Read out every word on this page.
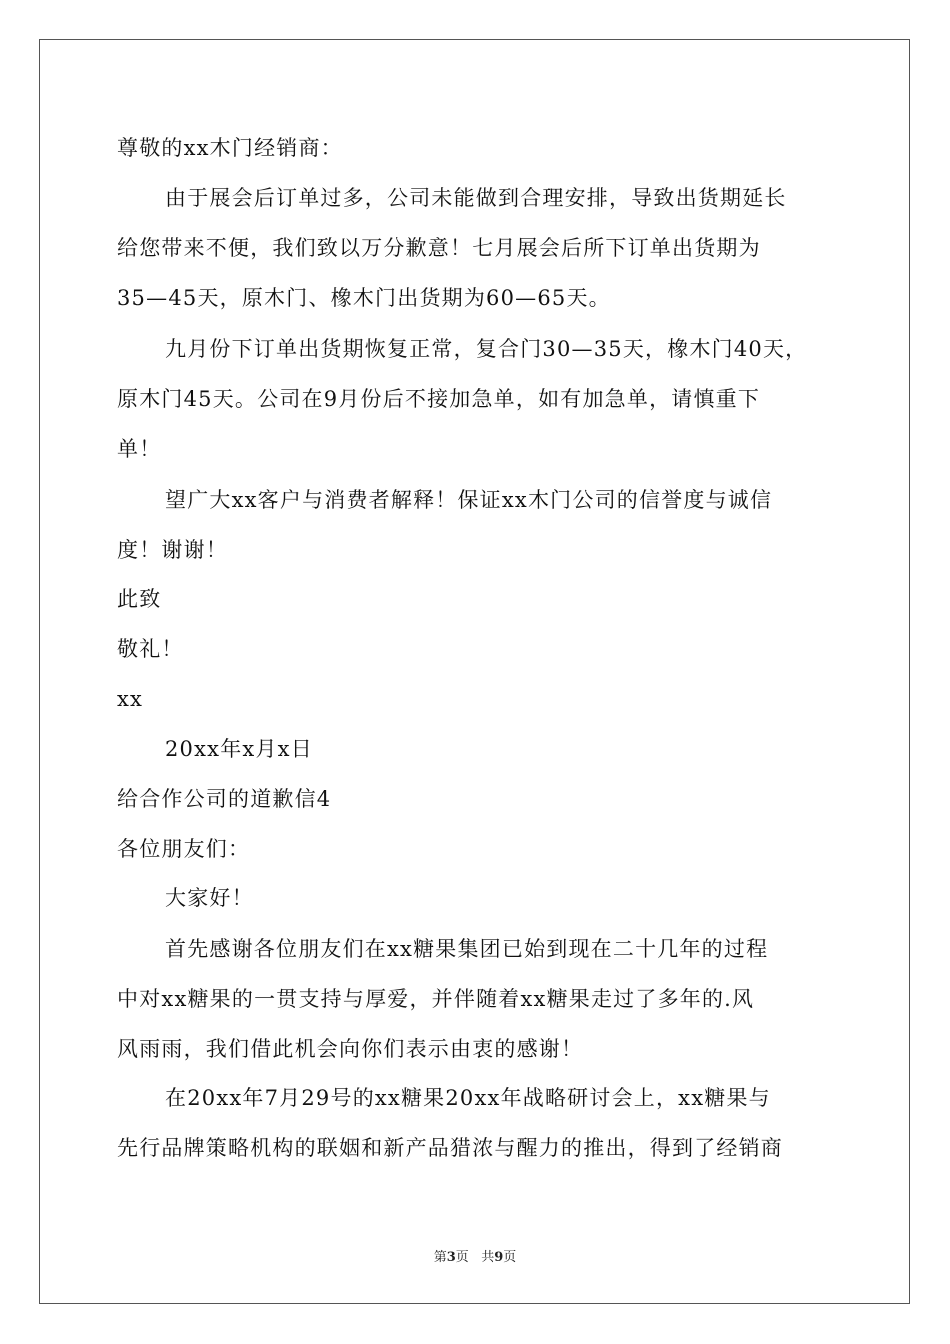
尊敬的xx木门经销商：
由于展会后订单过多，公司未能做到合理安排，导致出货期延长
给您带来不便，我们致以万分歉意！七月展会后所下订单出货期为
35—45天，原木门、橡木门出货期为60—65天。
九月份下订单出货期恢复正常，复合门30—35天，橡木门40天，
原木门45天。公司在9月份后不接加急单，如有加急单，请慎重下
单！
望广大xx客户与消费者解释！保证xx木门公司的信誉度与诚信
度！谢谢！
此致
敬礼！
xx
20xx年x月x日
给合作公司的道歉信4
各位朋友们：
大家好！
首先感谢各位朋友们在xx糖果集团已始到现在二十几年的过程
中对xx糖果的一贯支持与厚爱，并伴随着xx糖果走过了多年的.风
风雨雨，我们借此机会向你们表示由衷的感谢！
在20xx年7月29号的xx糖果20xx年战略研讨会上，xx糖果与
先行品牌策略机构的联姻和新产品猎浓与醒力的推出，得到了经销商
第3页 共9页
